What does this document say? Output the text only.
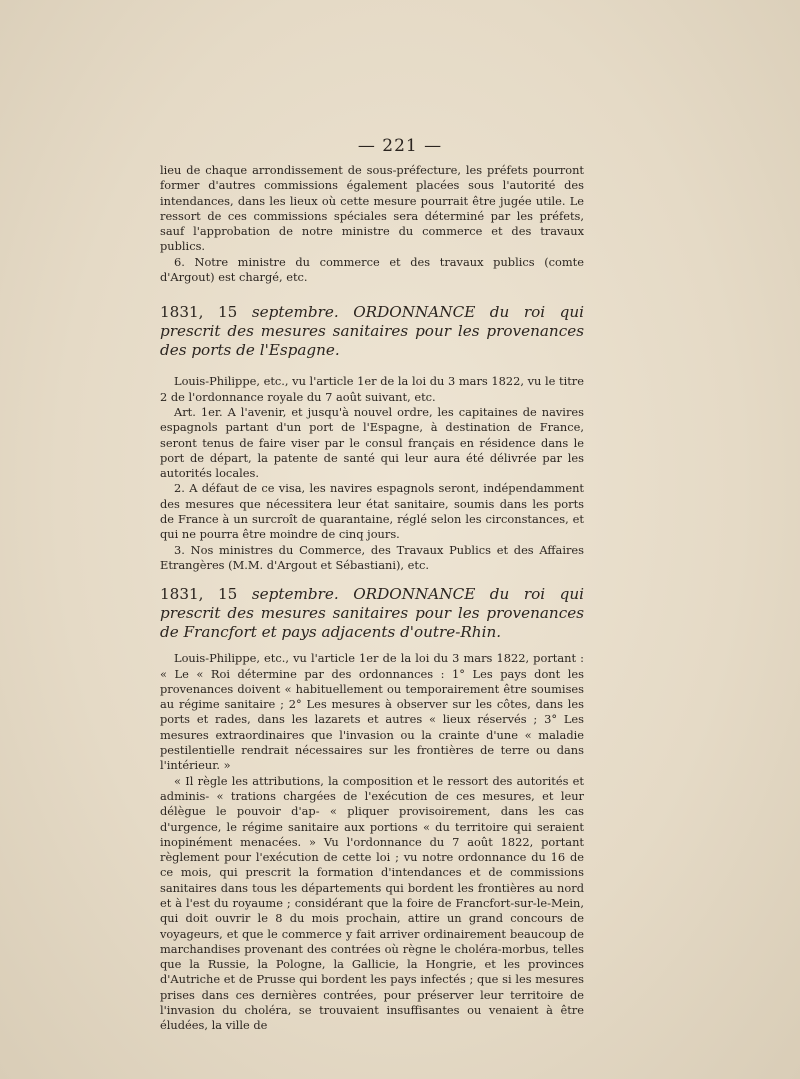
— 221 —

lieu de chaque arrondissement de sous-préfecture, les préfets pourront former d'autres commissions également placées sous l'autorité des intendances, dans les lieux où cette mesure pourrait être jugée utile. Le ressort de ces commissions spéciales sera déterminé par les préfets, sauf l'approbation de notre ministre du commerce et des travaux publics.

6. Notre ministre du commerce et des travaux publics (comte d'Argout) est chargé, etc.

1831, 15 septembre. ORDONNANCE du roi qui prescrit des mesures sanitaires pour les provenances des ports de l'Espagne.

Louis-Philippe, etc., vu l'article 1er de la loi du 3 mars 1822, vu le titre 2 de l'ordonnance royale du 7 août suivant, etc.

Art. 1er. A l'avenir, et jusqu'à nouvel ordre, les capitaines de navires espagnols partant d'un port de l'Espagne, à destination de France, seront tenus de faire viser par le consul français en résidence dans le port de départ, la patente de santé qui leur aura été délivrée par les autorités locales.

2. A défaut de ce visa, les navires espagnols seront, indépendamment des mesures que nécessitera leur état sanitaire, soumis dans les ports de France à un surcroît de quarantaine, réglé selon les circonstances, et qui ne pourra être moindre de cinq jours.

3. Nos ministres du Commerce, des Travaux Publics et des Affaires Etrangères (M.M. d'Argout et Sébastiani), etc.

1831, 15 septembre. ORDONNANCE du roi qui prescrit des mesures sanitaires pour les provenances de Francfort et pays adjacents d'outre-Rhin.

Louis-Philippe, etc., vu l'article 1er de la loi du 3 mars 1822, portant : « Le « Roi détermine par des ordonnances : 1° Les pays dont les provenances doivent « habituellement ou temporairement être soumises au régime sanitaire ; 2° Les mesures à observer sur les côtes, dans les ports et rades, dans les lazarets et autres « lieux réservés ; 3° Les mesures extraordinaires que l'invasion ou la crainte d'une « maladie pestilentielle rendrait nécessaires sur les frontières de terre ou dans l'intérieur. »

« Il règle les attributions, la composition et le ressort des autorités et adminis- « trations chargées de l'exécution de ces mesures, et leur délègue le pouvoir d'ap- « pliquer provisoirement, dans les cas d'urgence, le régime sanitaire aux portions « du territoire qui seraient inopinément menacées. » Vu l'ordonnance du 7 août 1822, portant règlement pour l'exécution de cette loi ; vu notre ordonnance du 16 de ce mois, qui prescrit la formation d'intendances et de commissions sanitaires dans tous les départements qui bordent les frontières au nord et à l'est du royaume ; considérant que la foire de Francfort-sur-le-Mein, qui doit ouvrir le 8 du mois prochain, attire un grand concours de voyageurs, et que le commerce y fait arriver ordinairement beaucoup de marchandises provenant des contrées où règne le choléra-morbus, telles que la Russie, la Pologne, la Gallicie, la Hongrie, et les provinces d'Autriche et de Prusse qui bordent les pays infectés ; que si les mesures prises dans ces dernières contrées, pour préserver leur territoire de l'invasion du choléra, se trouvaient insuffisantes ou venaient à être éludées, la ville de
